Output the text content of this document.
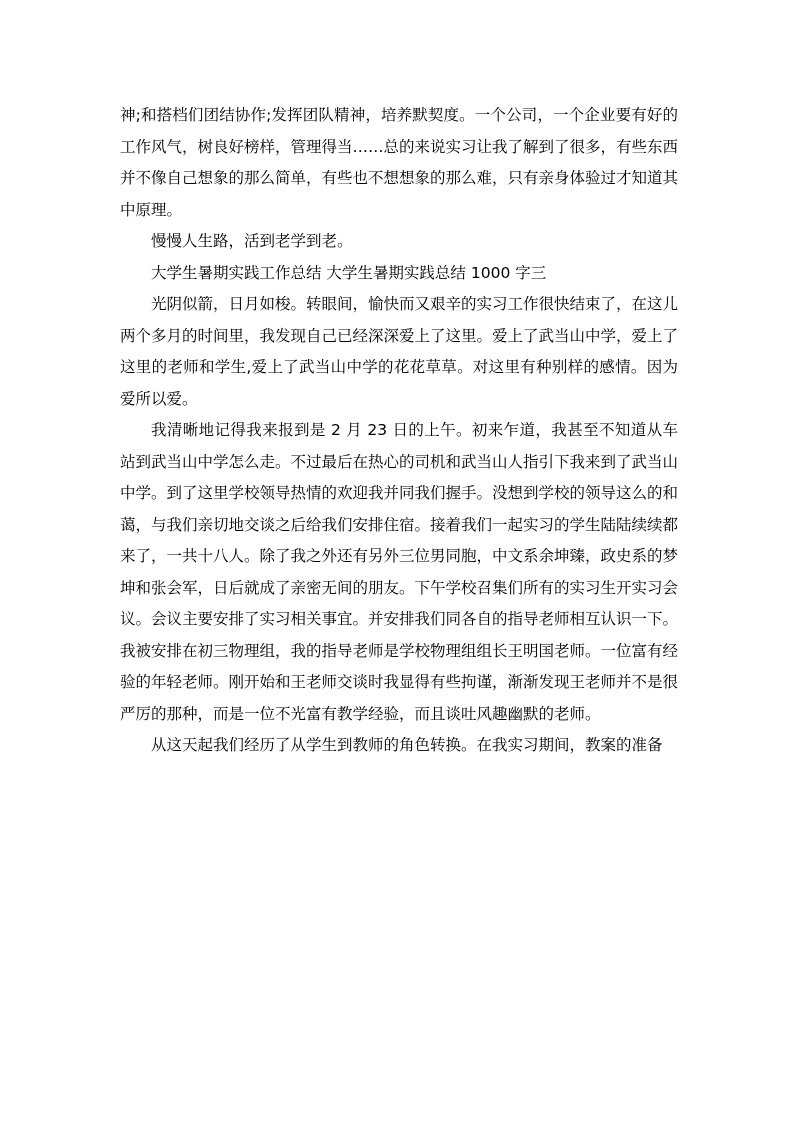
神;和搭档们团结协作;发挥团队精神，培养默契度。一个公司，一个企业要有好的工作风气，树良好榜样，管理得当……总的来说实习让我了解到了很多，有些东西并不像自己想象的那么简单，有些也不想想象的那么难，只有亲身体验过才知道其中原理。

慢慢人生路，活到老学到老。

大学生暑期实践工作总结 大学生暑期实践总结 1000 字三

光阴似箭，日月如梭。转眼间，愉快而又艰辛的实习工作很快结束了，在这儿两个多月的时间里，我发现自己已经深深爱上了这里。爱上了武当山中学，爱上了这里的老师和学生,爱上了武当山中学的花花草草。对这里有种别样的感情。因为爱所以爱。

我清晰地记得我来报到是 2 月 23 日的上午。初来乍道，我甚至不知道从车站到武当山中学怎么走。不过最后在热心的司机和武当山人指引下我来到了武当山中学。到了这里学校领导热情的欢迎我并同我们握手。没想到学校的领导这么的和蔼，与我们亲切地交谈之后给我们安排住宿。接着我们一起实习的学生陆陆续续都来了，一共十八人。除了我之外还有另外三位男同胞，中文系余坤臻，政史系的梦坤和张会军，日后就成了亲密无间的朋友。下午学校召集们所有的实习生开实习会议。会议主要安排了实习相关事宜。并安排我们同各自的指导老师相互认识一下。我被安排在初三物理组，我的指导老师是学校物理组组长王明国老师。一位富有经验的年轻老师。刚开始和王老师交谈时我显得有些拘谨，渐渐发现王老师并不是很严厉的那种，而是一位不光富有教学经验，而且谈吐风趣幽默的老师。

从这天起我们经历了从学生到教师的角色转换。在我实习期间，教案的准备
